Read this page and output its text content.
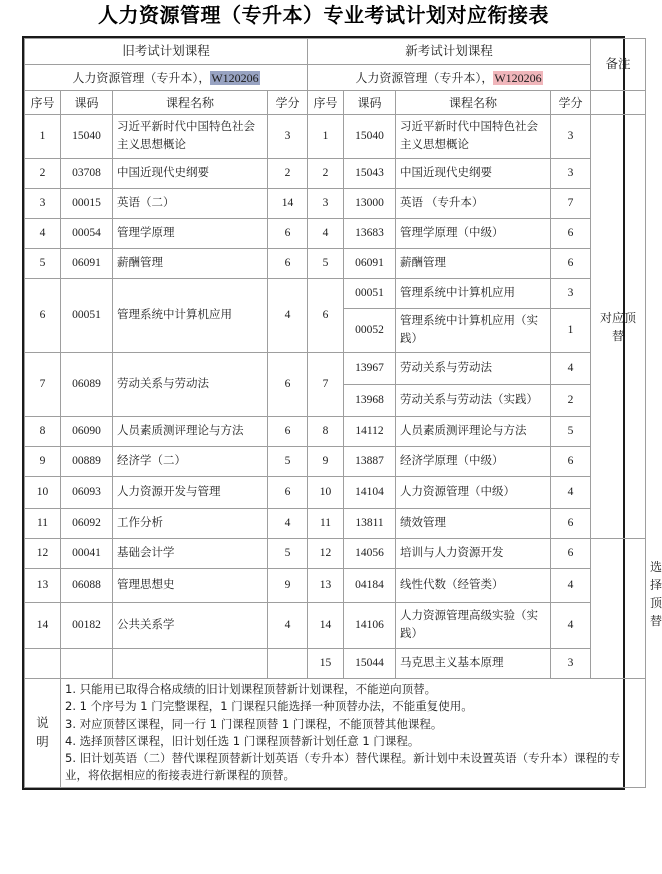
人力资源管理（专升本）专业考试计划对应衔接表
旧考试计划课程				新考试计划课程				备注	
人力资源管理（专升本），W120206				人力资源管理（专升本），W120206					
序号	课码	课程名称	学分	序号	课码	课程名称	学分		
1	15040	习近平新时代中国特色社会主义思想概论	3	1	15040	习近平新时代中国特色社会主义思想概论	3	对应顶替	

2	03708	中国近现代史纲要	2	2	15043	中国近现代史纲要	3		
3	00015	英语（二）	14	3	13000	英语 （专升本）	7		
4	00054	管理学原理	6	4	13683	管理学原理（中级）	6		
5	06091	薪酬管理	6	5	06091	薪酬管理	6		
6	00051	管理系统中计算机应用	4	6	00051	管理系统中计算机应用	3		
					00052	管理系统中计算机应用（实践）	1		
7	06089	劳动关系与劳动法	6	7	13967	劳动关系与劳动法	4		
					13968	劳动关系与劳动法（实践）	2		
8	06090	人员素质测评理论与方法	6	8	14112	人员素质测评理论与方法	5		
9	00889	经济学（二）	5	9	13887	经济学原理（中级）	6		
10	06093	人力资源开发与管理	6	10	14104	人力资源管理（中级）	4		
11	06092	工作分析	4	11	13811	绩效管理	6		选择顶替

12	00041	基础会计学	5	12	14056	培训与人力资源开发	6		
13	06088	管理思想史	9	13	04184	线性代数（经管类）	4		
14	00182	公共关系学	4	14	14106	人力资源管理高级实验（实践）	4		
				15	15044	马克思主义基本原理	3		

说
明

1. 只能用已取得合格成绩的旧计划课程顶替新计划课程，不能逆向顶替。
2. 1 个序号为 1 门完整课程，1 门课程只能选择一种顶替办法，不能重复使用。
3. 对应顶替区课程，同一行 1 门课程顶替 1 门课程，不能顶替其他课程。
4. 选择顶替区课程，旧计划任选 1 门课程顶替新计划任意 1 门课程。
5. 旧计划英语（二）替代课程顶替新计划英语（专升本）替代课程。新计划中未设置英语（专升本）课程的专业，将依据相应的衔接表进行新课程的顶替。
